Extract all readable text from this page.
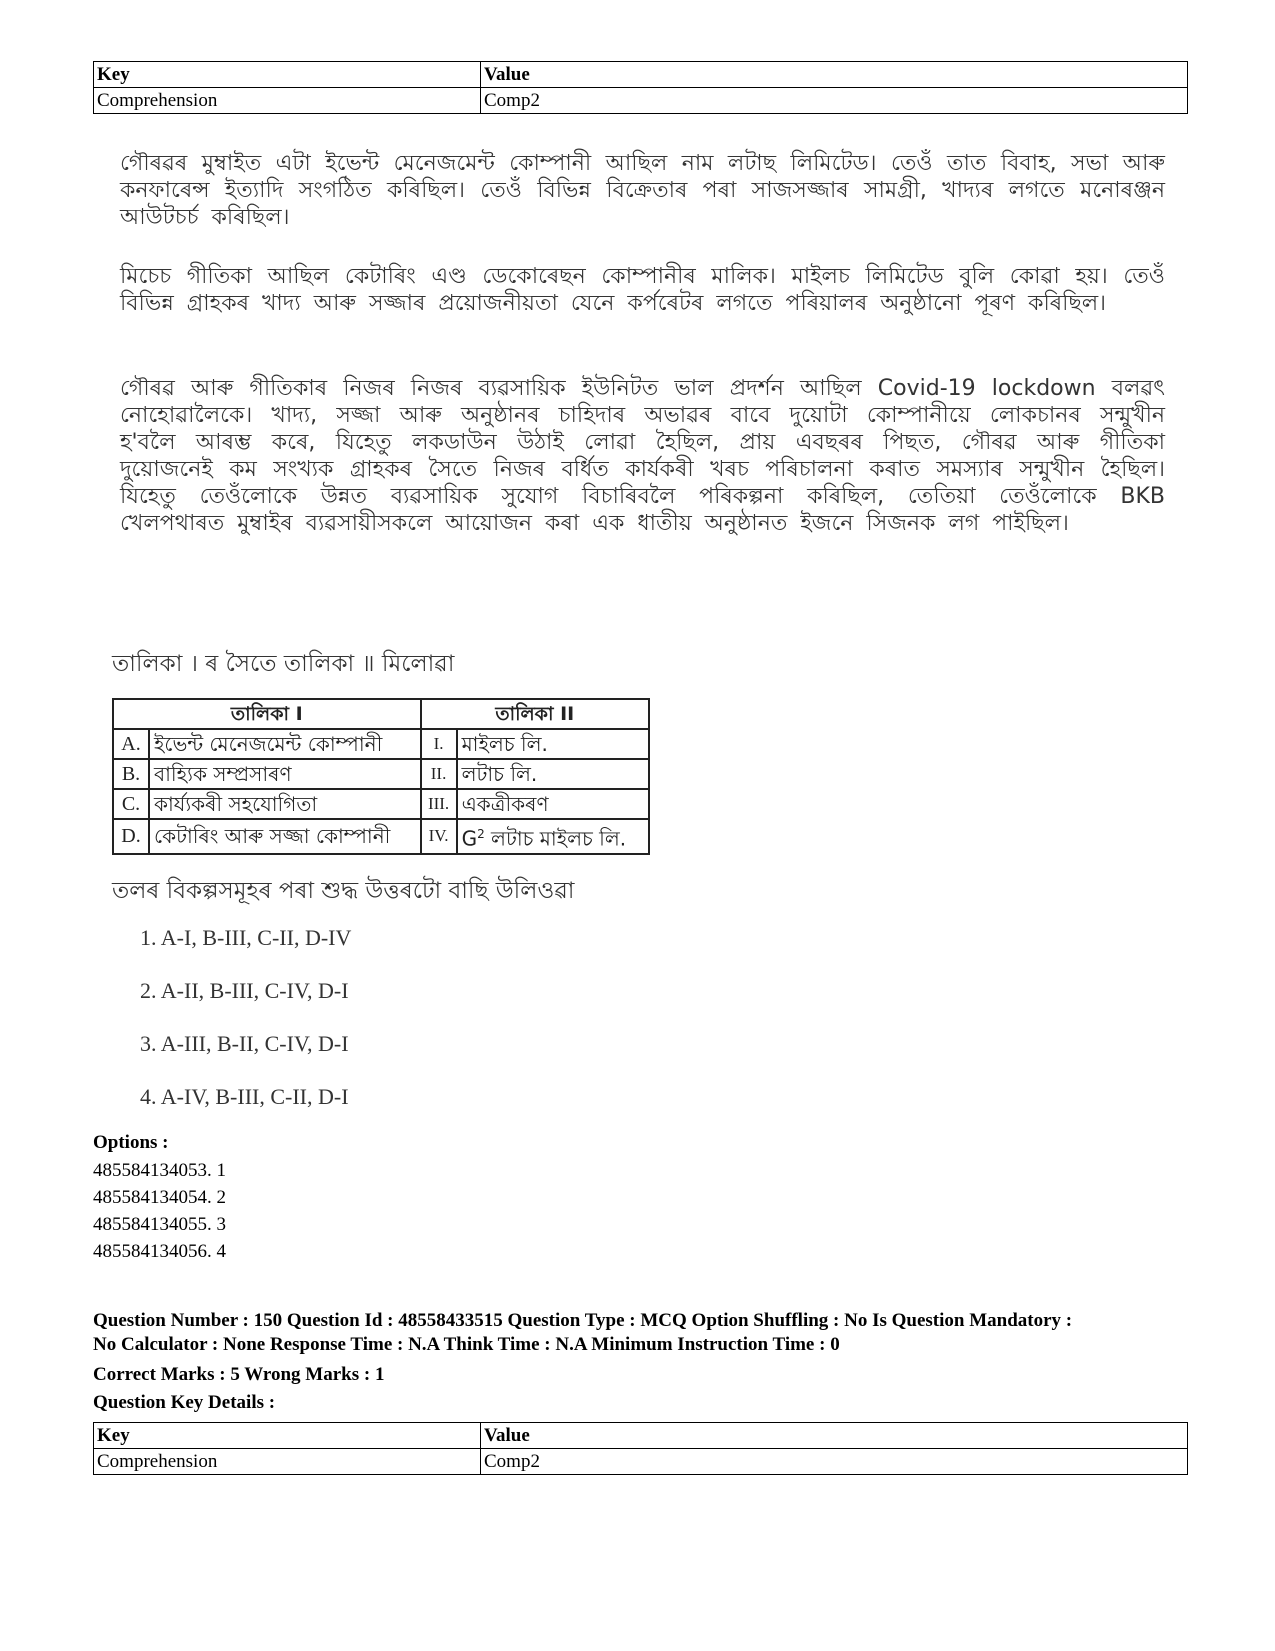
Key	Value
Comprehension	Comp2
গৌৰৱৰ মুম্বাইত এটা ইভেন্ট মেনেজমেন্ট কোম্পানী আছিল নাম লটাছ লিমিটেড। তেওঁ তাত বিবাহ, সভা আৰু কনফাৰেন্স ইত্যাদি সংগঠিত কৰিছিল। তেওঁ বিভিন্ন বিক্ৰেতাৰ পৰা সাজসজ্জাৰ সামগ্ৰী, খাদ্যৰ লগতে মনোৰঞ্জন আউটচৰ্চ কৰিছিল।
মিচেচ গীতিকা আছিল কেটাৰিং এণ্ড ডেকোৰেছন কোম্পানীৰ মালিক। মাইলচ লিমিটেড বুলি কোৱা হয়। তেওঁ বিভিন্ন গ্ৰাহকৰ খাদ্য আৰু সজ্জাৰ প্ৰয়োজনীয়তা যেনে কৰ্পৰেটৰ লগতে পৰিয়ালৰ অনুষ্ঠানো পূৰণ কৰিছিল।
গৌৰৱ আৰু গীতিকাৰ নিজৰ নিজৰ ব্যৱসায়িক ইউনিটত ভাল প্ৰদৰ্শন আছিল Covid-19 lockdown বলৱৎ নোহোৱালৈকে। খাদ্য, সজ্জা আৰু অনুষ্ঠানৰ চাহিদাৰ অভাৱৰ বাবে দুয়োটা কোম্পানীয়ে লোকচানৰ সন্মুখীন হ'বলৈ আৰম্ভ কৰে, যিহেতু লকডাউন উঠাই লোৱা হৈছিল, প্ৰায় এবছৰৰ পিছত, গৌৰৱ আৰু গীতিকা দুয়োজনেই কম সংখ্যক গ্ৰাহকৰ সৈতে নিজৰ বৰ্ধিত কাৰ্যকৰী খৰচ পৰিচালনা কৰাত সমস্যাৰ সন্মুখীন হৈছিল। যিহেতু তেওঁলোকে উন্নত ব্যৱসায়িক সুযোগ বিচাৰিবলৈ পৰিকল্পনা কৰিছিল, তেতিয়া তেওঁলোকে BKB খেলপথাৰত মুম্বাইৰ ব্যৱসায়ীসকলে আয়োজন কৰা এক ধাতীয় অনুষ্ঠানত ইজনে সিজনক লগ পাইছিল।
তালিকা । ৰ সৈতে তালিকা ॥ মিলোৱা
তালিকা I		তালিকা II	
A.	ইভেন্ট মেনেজমেন্ট কোম্পানী	I.	মাইলচ লি.
B.	বাহ্যিক সম্প্ৰসাৰণ	II.	লটাচ লি.
C.	কাৰ্য্যকৰী সহযোগিতা	III.	একত্ৰীকৰণ
D.	কেটাৰিং আৰু সজ্জা কোম্পানী	IV.	$G^2$ লটাচ মাইলচ লি.
তলৰ বিকল্পসমূহৰ পৰা শুদ্ধ উত্তৰটো বাছি উলিওৱা
1. A-I, B-III, C-II, D-IV
2. A-II, B-III, C-IV, D-I
3. A-III, B-II, C-IV, D-I
4. A-IV, B-III, C-II, D-I
Options :
485584134053. 1
485584134054. 2
485584134055. 3
485584134056. 4
Question Number : 150 Question Id : 48558433515 Question Type : MCQ Option Shuffling : No Is Question Mandatory :
No Calculator : None Response Time : N.A Think Time : N.A Minimum Instruction Time : 0
Correct Marks : 5 Wrong Marks : 1
Question Key Details :
Key	Value
Comprehension	Comp2
